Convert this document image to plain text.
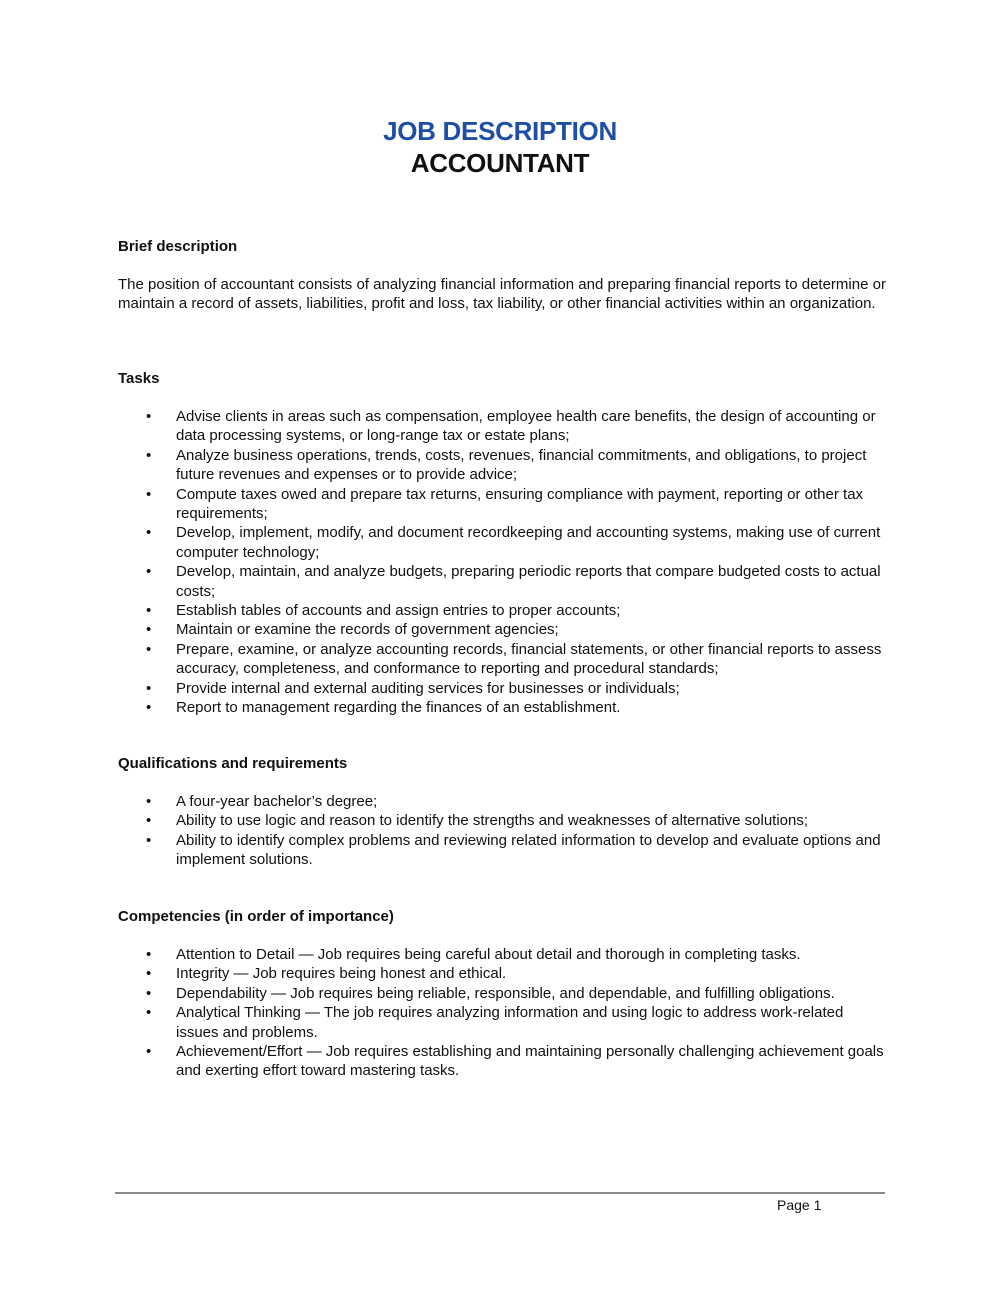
JOB DESCRIPTION
ACCOUNTANT
Brief description

The position of accountant consists of analyzing financial information and preparing financial reports to determine or maintain a record of assets, liabilities, profit and loss, tax liability, or other financial activities within an organization.

Tasks
• Advise clients in areas such as compensation, employee health care benefits, the design of accounting or data processing systems, or long-range tax or estate plans;
• Analyze business operations, trends, costs, revenues, financial commitments, and obligations, to project future revenues and expenses or to provide advice;
• Compute taxes owed and prepare tax returns, ensuring compliance with payment, reporting or other tax requirements;
• Develop, implement, modify, and document recordkeeping and accounting systems, making use of current computer technology;
• Develop, maintain, and analyze budgets, preparing periodic reports that compare budgeted costs to actual costs;
• Establish tables of accounts and assign entries to proper accounts;
• Maintain or examine the records of government agencies;
• Prepare, examine, or analyze accounting records, financial statements, or other financial reports to assess accuracy, completeness, and conformance to reporting and procedural standards;
• Provide internal and external auditing services for businesses or individuals;
• Report to management regarding the finances of an establishment.
Qualifications and requirements
• A four-year bachelor’s degree;
• Ability to use logic and reason to identify the strengths and weaknesses of alternative solutions;
• Ability to identify complex problems and reviewing related information to develop and evaluate options and implement solutions.
Competencies (in order of importance)
• Attention to Detail — Job requires being careful about detail and thorough in completing tasks.
• Integrity — Job requires being honest and ethical.
• Dependability — Job requires being reliable, responsible, and dependable, and fulfilling obligations.
• Analytical Thinking — The job requires analyzing information and using logic to address work-related issues and problems.
• Achievement/Effort — Job requires establishing and maintaining personally challenging achievement goals and exerting effort toward mastering tasks.
Page 1
